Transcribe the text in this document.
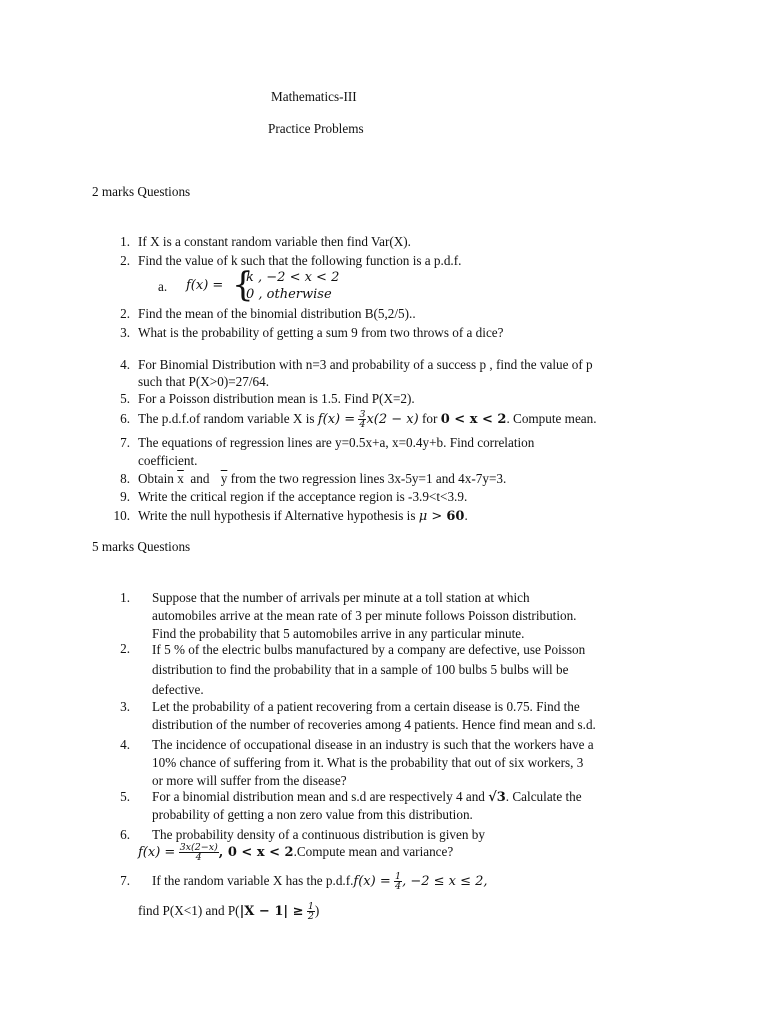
Mathematics-III
Practice Problems
2 marks Questions
1. If X is a constant random variable then find Var(X).
2. Find the value of k such that the following function is a p.d.f.
a. f(x) = {
k , −2 < x < 2
0 , otherwise
2. Find the mean of the binomial distribution B(5,2/5)..
3. What is the probability of getting a sum 9 from two throws of a dice?
4. For Binomial Distribution with n=3 and probability of a success p , find the value of p
such that P(X>0)=27/64.
5. For a Poisson distribution mean is 1.5. Find P(X=2).
6. The p.d.f.of random variable X is $f(x) = \frac{3}{4} x(2 - x)$ for 0 < x < 2. Compute mean.
7. The equations of regression lines are y=0.5x+a, x=0.4y+b. Find correlation
coefficient.
8. Obtain $\overline{x}$  and $\overline{y}$ from the two regression lines 3x-5y=1 and 4x-7y=3.
9. Write the critical region if the acceptance region is -3.9<t<3.9.
10. Write the null hypothesis if Alternative hypothesis is μ > 60.
5 marks Questions
1.	Suppose that the number of arrivals per minute at a toll station at which
automobiles arrive at the mean rate of 3 per minute follows Poisson distribution.
Find the probability that 5 automobiles arrive in any particular minute.
2.	If 5 % of the electric bulbs manufactured by a company are defective, use Poisson
distribution to find the probability that in a sample of 100 bulbs 5 bulbs will be
defective.
3.	Let the probability of a patient recovering from a certain disease is 0.75. Find the
distribution of the number of recoveries among 4 patients. Hence find mean and s.d.
4.	The incidence of occupational disease in an industry is such that the workers have a
10% chance of suffering from it. What is the probability that out of six workers, 3
or more will suffer from the disease?
5.	For a binomial distribution mean and s.d are respectively 4 and √3. Calculate the
probability of getting a non zero value from this distribution.
6.	The probability density of a continuous distribution is given by
$f(x) = \frac{3x(2-x)}{4}$ , 0 < x < 2.Compute mean and variance?
7.	If the random variable X has the $p.d.f.f(x) = \frac{1}{4}$ , −2 ≤ x ≤ 2,
find P(X<1) and $P(|X - 1| \ge \frac{1}{2}$ )
